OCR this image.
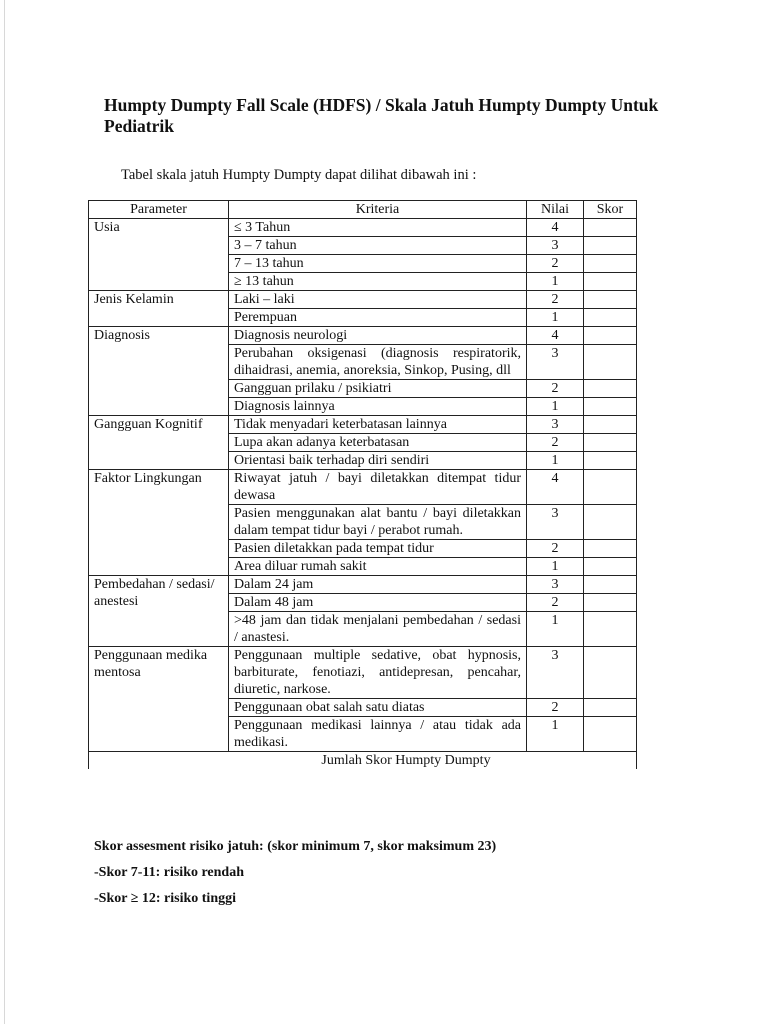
Humpty Dumpty Fall Scale (HDFS) / Skala Jatuh Humpty Dumpty Untuk Pediatrik

Tabel skala jatuh Humpty Dumpty dapat dilihat dibawah ini :

Parameter	Kriteria	Nilai	Skor
Usia	≤ 3 Tahun	4	
	3 – 7 tahun	3	
	7 – 13 tahun	2	
	≥ 13 tahun	1	
Jenis Kelamin	Laki – laki	2	
	Perempuan	1	
Diagnosis	Diagnosis neurologi	4	
	Perubahan oksigenasi (diagnosis respiratorik, dihaidrasi, anemia, anoreksia, Sinkop, Pusing, dll	3	
	Gangguan prilaku / psikiatri	2	
	Diagnosis lainnya	1	
Gangguan Kognitif	Tidak menyadari keterbatasan lainnya	3	
	Lupa akan adanya keterbatasan	2	
	Orientasi baik terhadap diri sendiri	1	
Faktor Lingkungan	Riwayat jatuh / bayi diletakkan ditempat tidur dewasa	4	
	Pasien menggunakan alat bantu / bayi diletakkan dalam tempat tidur bayi / perabot rumah.	3	
	Pasien diletakkan pada tempat tidur	2	
	Area diluar rumah sakit	1	
Pembedahan / sedasi/ anestesi	Dalam 24 jam	3	
	Dalam 48 jam	2	
	>48 jam dan tidak menjalani pembedahan / sedasi / anastesi.	1	
Penggunaan medika mentosa	Penggunaan multiple sedative, obat hypnosis, barbiturate, fenotiazi, antidepresan, pencahar, diuretic, narkose.	3	
	Penggunaan obat salah satu diatas	2	
	Penggunaan medikasi lainnya / atau tidak ada medikasi.	1	
	Jumlah Skor Humpty Dumpty		

Skor assesment risiko jatuh: (skor minimum 7, skor maksimum 23)

-Skor 7-11: risiko rendah

-Skor ≥ 12: risiko tinggi
